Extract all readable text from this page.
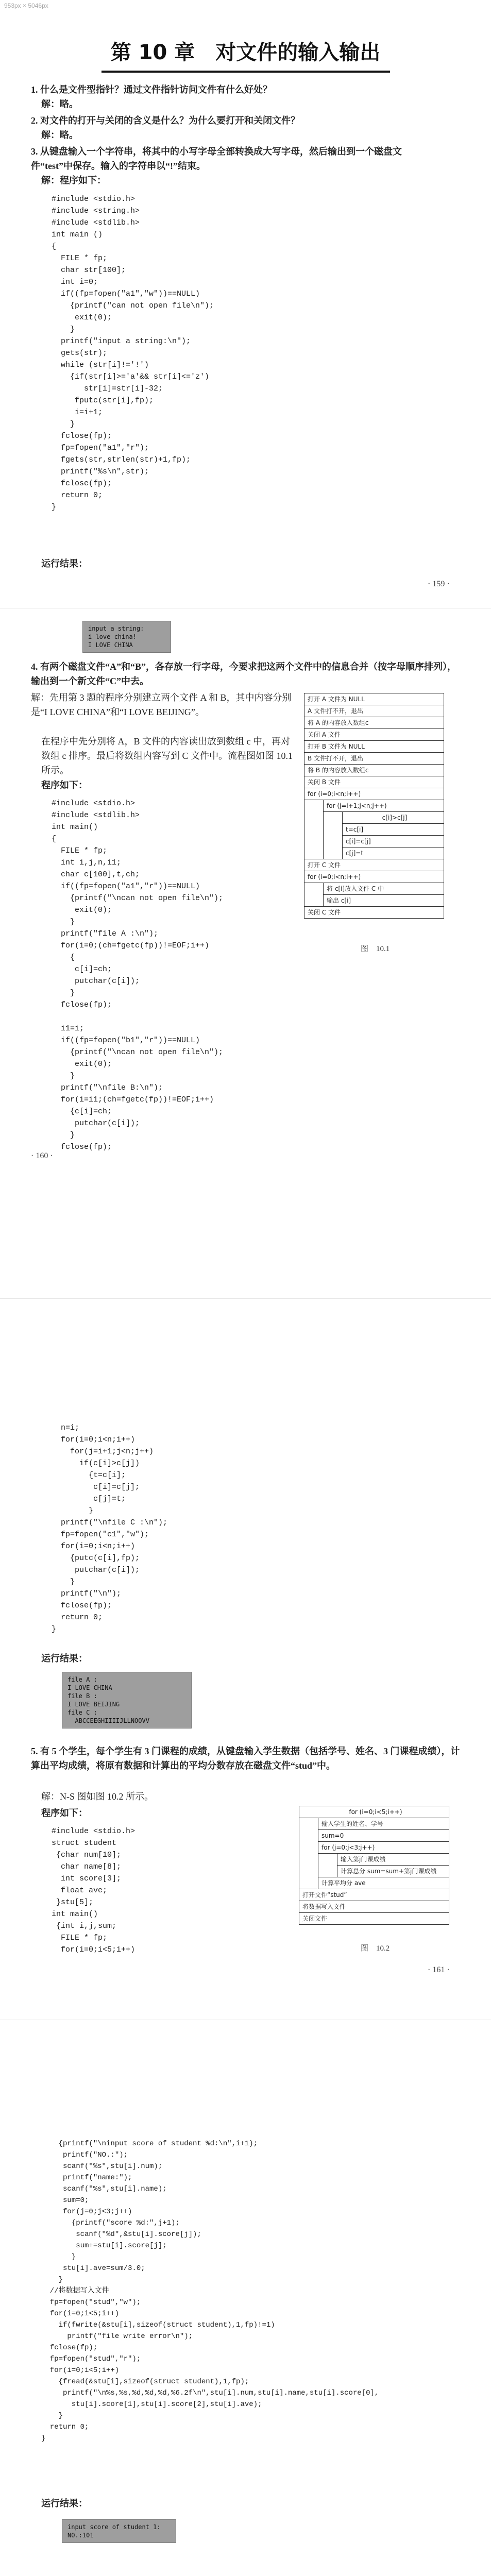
953px × 5046px
第 10 章　对文件的输入输出
1. 什么是文件型指针？通过文件指针访问文件有什么好处？
解：略。
2. 对文件的打开与关闭的含义是什么？为什么要打开和关闭文件？
解：略。
3. 从键盘输入一个字符串，将其中的小写字母全部转换成大写字母，然后输出到一个磁盘文件“test”中保存。输入的字符串以“!”结束。
解：程序如下：
#include <stdio.h>
#include <string.h>
#include <stdlib.h>
int main ()
{
FILE * fp;
char str[100];
int i=0;
if((fp=fopen("a1","w"))==NULL)
{printf("can not open file\n");
exit(0);
}
printf("input a string:\n");
gets(str);
while (str[i]!='!')
{if(str[i]>='a'&& str[i]<='z')
str[i]=str[i]-32;
fputc(str[i],fp);
i=i+1;
}
fclose(fp);
fp=fopen("a1","r");
fgets(str,strlen(str)+1,fp);
printf("%s\n",str);
fclose(fp);
return 0;
}
运行结果：
· 159 ·
input a string:
i love china!
I LOVE CHINA
4. 有两个磁盘文件“A”和“B”，各存放一行字母，今要求把这两个文件中的信息合并（按字母顺序排列），输出到一个新文件“C”中去。
解：先用第 3 题的程序分别建立两个文件 A 和 B，其中内容分别是“I LOVE CHINA”和“I LOVE BEIJING”。
在程序中先分别将 A，B 文件的内容读出放到数组 c 中，再对数组 c 排序。最后将数组内容写到 C 文件中。流程图如图 10.1 所示。
程序如下：
#include <stdio.h>
#include <stdlib.h>
int main()
{
FILE * fp;
int i,j,n,i1;
char c[100],t,ch;
if((fp=fopen("a1","r"))==NULL)
{printf("\ncan not open file\n");
exit(0);
}
printf("file A :\n");
for(i=0;(ch=fgetc(fp))!=EOF;i++)
{
c[i]=ch;
putchar(c[i]);
}
fclose(fp);

i1=i;
if((fp=fopen("b1","r"))==NULL)
{printf("\ncan not open file\n");
exit(0);
}
printf("\nfile B:\n");
for(i=i1;(ch=fgetc(fp))!=EOF;i++)
{c[i]=ch;
putchar(c[i]);
}
fclose(fp);
· 160 ·
打开 A 文件为 NULL
A 文件打不开，退出
将 A 的内容放入数组c
关闭 A 文件
打开 B 文件为 NULL
B 文件打不开，退出
将 B 的内容放入数组c
关闭 B 文件
for (i=0;i<n;i++)
for (j=i+1;j<n;j++)
c[i]>c[j]
t=c[i]
c[i]=c[j]
c[j]=t
打开 C 文件
for (i=0;i<n;i++)
将 c[i]放入文件 C 中
输出 c[i]
关闭 C 文件
图　10.1
n=i;
for(i=0;i<n;i++)
for(j=i+1;j<n;j++)
if(c[i]>c[j])
{t=c[i];
c[i]=c[j];
c[j]=t;
}
printf("\nfile C :\n");
fp=fopen("c1","w");
for(i=0;i<n;i++)
{putc(c[i],fp);
putchar(c[i]);
}
printf("\n");
fclose(fp);
return 0;
}
运行结果：
file A :
I LOVE CHINA
file B :
I LOVE BEIJING
file C :
ABCCEEGHIIIIJLLNOOVV
5. 有 5 个学生，每个学生有 3 门课程的成绩，从键盘输入学生数据（包括学号、姓名、3 门课程成绩），计算出平均成绩，将原有数据和计算出的平均分数存放在磁盘文件“stud”中。
解：N-S 图如图 10.2 所示。
程序如下：
#include <stdio.h>
struct student
{char num[10];
char name[8];
int score[3];
float ave;
}stu[5];
int main()
{int i,j,sum;
FILE * fp;
for(i=0;i<5;i++)
· 161 ·
for (i=0;i<5;i++)
输入学生的姓名、学号
sum=0
for (j=0;j<3;j++)
输入第j门课成绩
计算总分 sum=sum+第j门课成绩
计算平均分 ave
打开文件“stud”
将数据写入文件
关闭文件
图　10.2
{printf("\ninput score of student %d:\n",i+1);
printf("NO.:");
scanf("%s",stu[i].num);
printf("name:");
scanf("%s",stu[i].name);
sum=0;
for(j=0;j<3;j++)
{printf("score %d:",j+1);
scanf("%d",&stu[i].score[j]);
sum+=stu[i].score[j];
}
stu[i].ave=sum/3.0;
}
//将数据写入文件
fp=fopen("stud","w");
for(i=0;i<5;i++)
if(fwrite(&stu[i],sizeof(struct student),1,fp)!=1)
printf("file write error\n");
fclose(fp);
fp=fopen("stud","r");
for(i=0;i<5;i++)
{fread(&stu[i],sizeof(struct student),1,fp);
printf("\n%s,%s,%d,%d,%d,%6.2f\n",stu[i].num,stu[i].name,stu[i].score[0],
stu[i].score[1],stu[i].score[2],stu[i].ave);
}
return 0;
}
运行结果：
input score of student 1:
NO.:101
